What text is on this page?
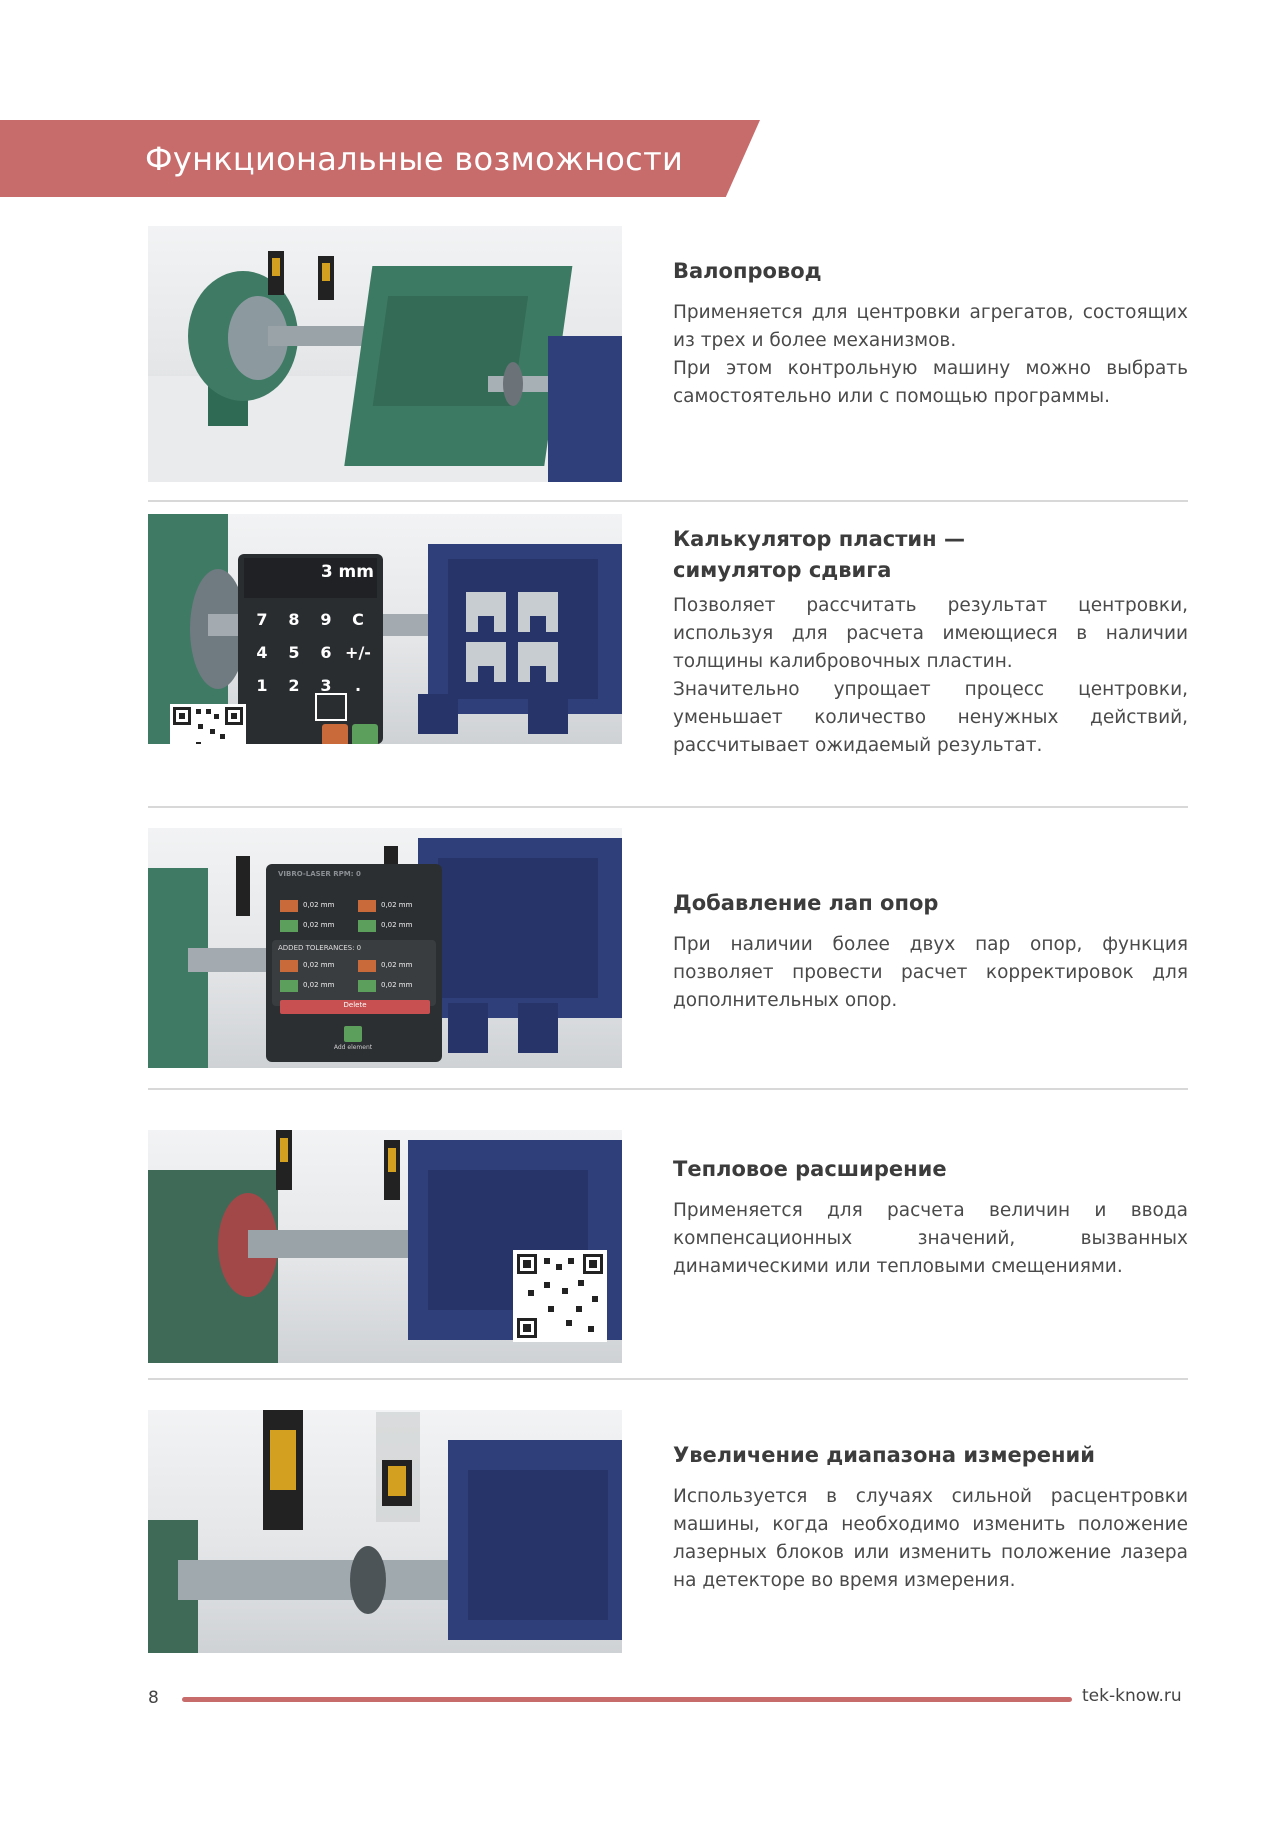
Функциональные возможности
Валопровод

Применяется для центровки агрегатов, состоящих из трех и более механизмов.

При этом контрольную машину можно выбрать самостоятельно или с помощью программы.

3 mm
7	8	9	C
4	5	6 +/-
1	2	3	.
Калькулятор пластин — симулятор сдвига

Позволяет рассчитать результат центровки, используя для расчета имеющиеся в наличии толщины калибровочных пластин.

Значительно упрощает процесс центровки, уменьшает количество ненужных действий, рассчитывает ожидаемый результат.

VIBRO-LASER RPM: 0
0,02 mm	0,02 mm
0,02 mm	0,02 mm
ADDED TOLERANCES: 0
0,02 mm	0,02 mm
0,02 mm	0,02 mm
Delete
Add element
Добавление лап опор

При наличии более двух пар опор, функция позволяет провести расчет корректировок для дополнительных опор.

Тепловое расширение

Применяется для расчета величин и ввода компенсационных значений, вызванных динамическими или тепловыми смещениями.

Увеличение диапазона измерений

Используется в случаях сильной расцентровки машины, когда необходимо изменить положение лазерных блоков или изменить положение лазера на детекторе во время измерения.

8	tek-know.ru
